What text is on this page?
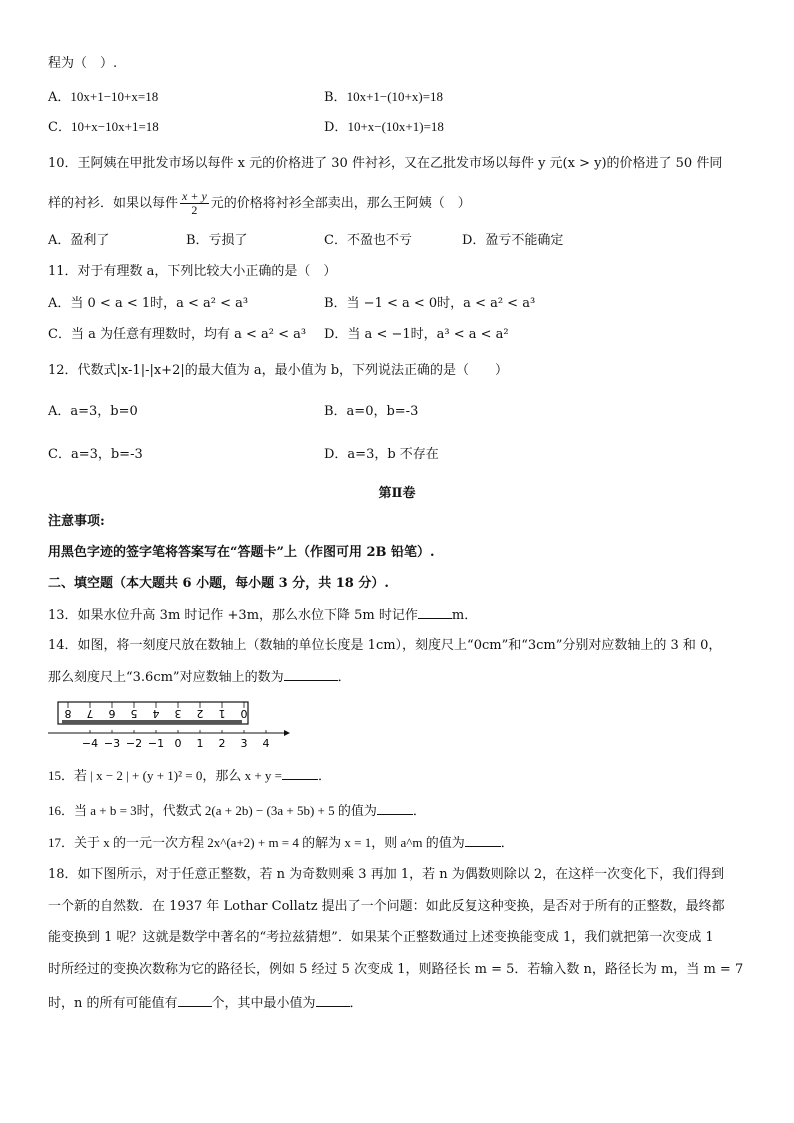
程为（　）.
A．10x+1−10+x=18	B．10x+1−(10+x)=18
C．10+x−10x+1=18	D．10+x−(10x+1)=18
10．王阿姨在甲批发市场以每件 x 元的价格进了 30 件衬衫，又在乙批发市场以每件 y 元(x > y)的价格进了 50 件同
样的衬衫．如果以每件 $\frac{x + y}{2}$ 元的价格将衬衫全部卖出，那么王阿姨（　）
A．盈利了	B．亏损了	C．不盈也不亏	D．盈亏不能确定
11．对于有理数 a，下列比较大小正确的是（　）
A．当 0 < a < 1时，a < a² < a³	B．当 −1 < a < 0时，a < a² < a³
C．当 a 为任意有理数时，均有 a < a² < a³ D．当 a < −1时，a³ < a < a²
12．代数式|x-1|-|x+2|的最大值为 a，最小值为 b，下列说法正确的是（　　）
A．a=3，b=0	B．a=0，b=-3
C．a=3，b=-3	D．a=3，b 不存在
第Ⅱ卷
注意事项:
用黑色字迹的签字笔将答案写在“答题卡”上（作图可用 2B 铅笔）.
二、填空题（本大题共 6 小题，每小题 3 分，共 18 分）.
13．如果水位升高 3m 时记作 +3m，那么水位下降 5m 时记作	m．
14．如图，将一刻度尺放在数轴上（数轴的单位长度是 1cm），刻度尺上“0cm”和“3cm”分别对应数轴上的 3 和 0，
那么刻度尺上“3.6cm”对应数轴上的数为	．
8 7 6 5 4 3 2 1 0
−4 −3 −2 −1 0 1 2 3 4
15．若 | x − 2 | + (y + 1)² = 0，那么 x + y =	．
16．当 a + b = 3时，代数式 2(a + 2b) − (3a + 5b) + 5 的值为	．
17．关于 x 的一元一次方程 2x^(a+2) + m = 4 的解为 x = 1，则 a^m 的值为	．
18．如下图所示，对于任意正整数，若 n 为奇数则乘 3 再加 1，若 n 为偶数则除以 2，在这样一次变化下，我们得到
一个新的自然数．在 1937 年 Lothar Collatz 提出了一个问题：如此反复这种变换，是否对于所有的正整数，最终都
能变换到 1 呢？这就是数学中著名的“考拉兹猜想”．如果某个正整数通过上述变换能变成 1，我们就把第一次变成 1
时所经过的变换次数称为它的路径长，例如 5 经过 5 次变成 1，则路径长 m = 5．若输入数 n，路径长为 m，当 m = 7
时，n 的所有可能值有	个，其中最小值为	．
